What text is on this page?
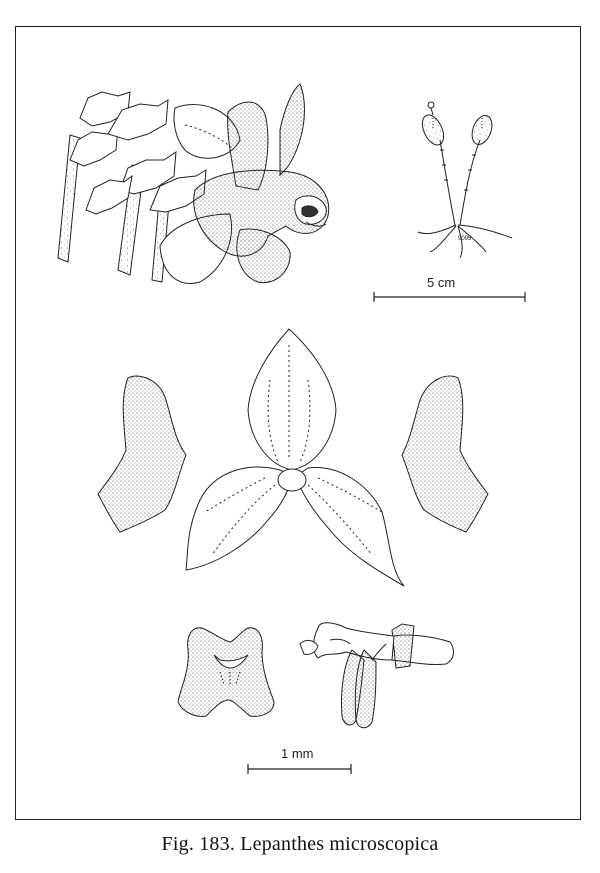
9095
5 cm
1 mm
Fig. 183. Lepanthes microscopica
